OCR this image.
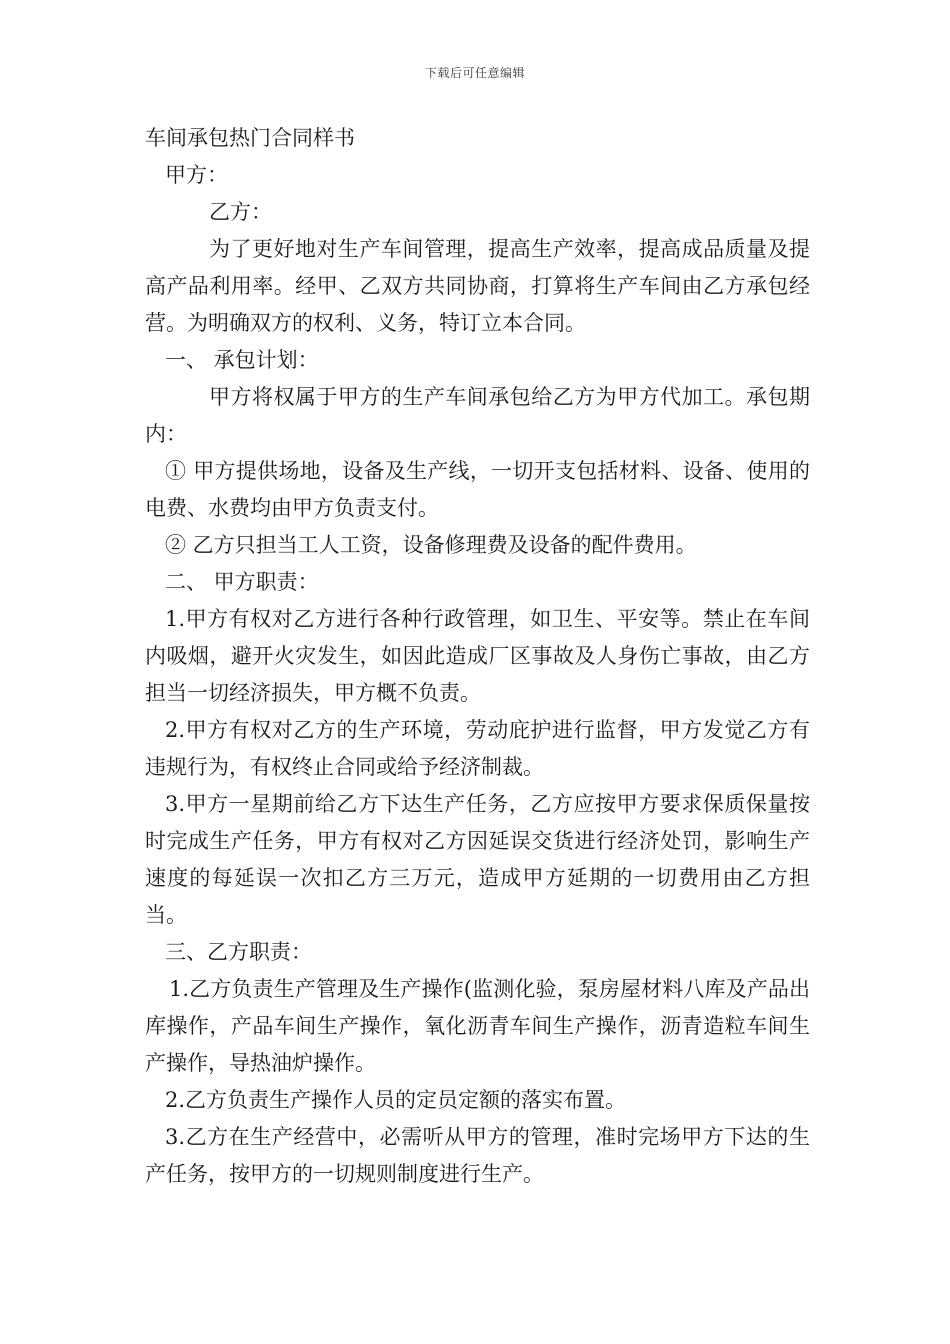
下载后可任意编辑

车间承包热门合同样书

甲方：

乙方：

为了更好地对生产车间管理，提高生产效率，提高成品质量及提高产品利用率。经甲、乙双方共同协商，打算将生产车间由乙方承包经营。为明确双方的权利、义务，特订立本合同。

一、 承包计划：

甲方将权属于甲方的生产车间承包给乙方为甲方代加工。承包期内：

① 甲方提供场地，设备及生产线，一切开支包括材料、设备、使用的电费、水费均由甲方负责支付。

② 乙方只担当工人工资，设备修理费及设备的配件费用。

二、 甲方职责：

1.甲方有权对乙方进行各种行政管理，如卫生、平安等。禁止在车间内吸烟，避开火灾发生，如因此造成厂区事故及人身伤亡事故，由乙方担当一切经济损失，甲方概不负责。

2.甲方有权对乙方的生产环境，劳动庇护进行监督，甲方发觉乙方有违规行为，有权终止合同或给予经济制裁。

3.甲方一星期前给乙方下达生产任务，乙方应按甲方要求保质保量按时完成生产任务，甲方有权对乙方因延误交货进行经济处罚，影响生产速度的每延误一次扣乙方三万元，造成甲方延期的一切费用由乙方担当。

三、乙方职责：

1.乙方负责生产管理及生产操作(监测化验，泵房屋材料八库及产品出库操作，产品车间生产操作，氧化沥青车间生产操作，沥青造粒车间生产操作，导热油炉操作。

2.乙方负责生产操作人员的定员定额的落实布置。

3.乙方在生产经营中，必需听从甲方的管理，准时完场甲方下达的生产任务，按甲方的一切规则制度进行生产。
